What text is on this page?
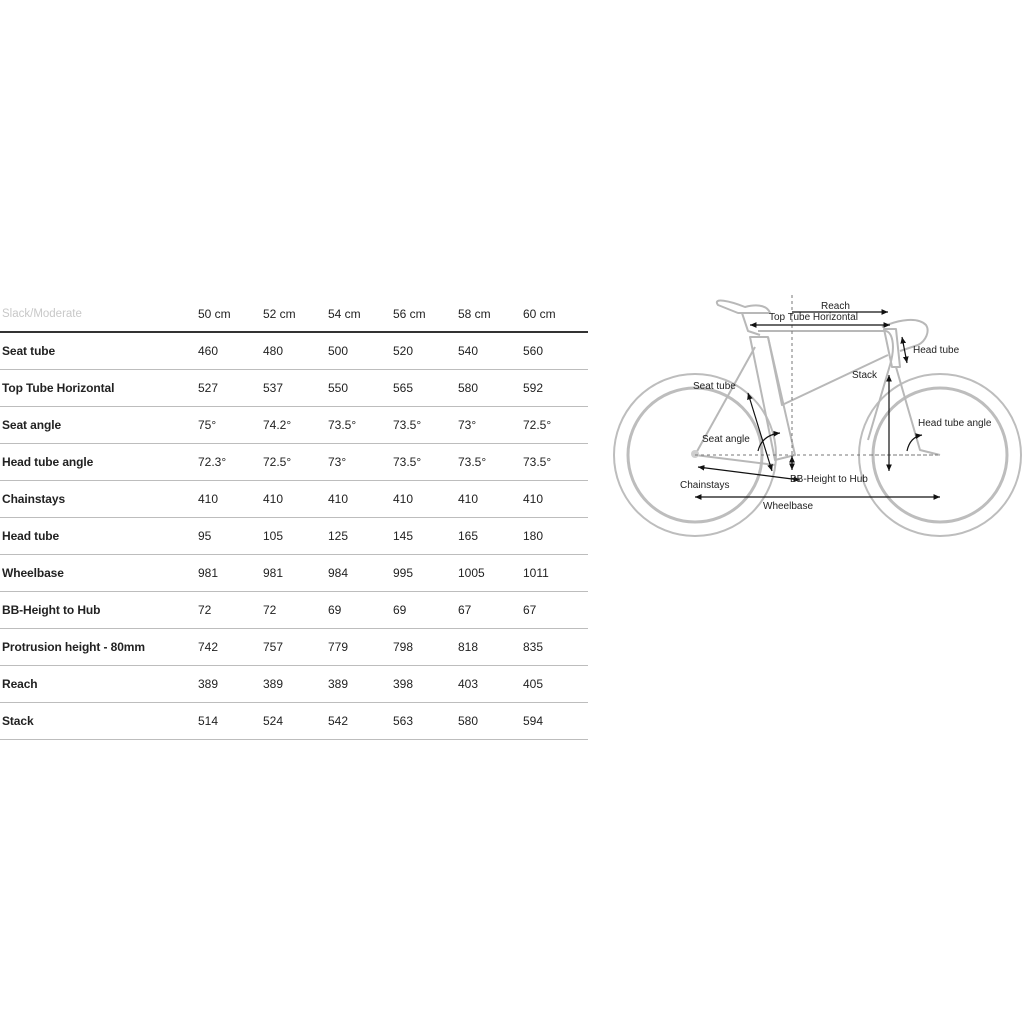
Slack/Moderate	50 cm	52 cm	54 cm	56 cm	58 cm	60 cm
Seat tube	460	480	500	520	540	560
Top Tube Horizontal	527	537	550	565	580	592
Seat angle	75°	74.2°	73.5°	73.5°	73°	72.5°
Head tube angle	72.3°	72.5°	73°	73.5°	73.5°	73.5°
Chainstays	410	410	410	410	410	410
Head tube	95	105	125	145	165	180
Wheelbase	981	981	984	995	1005	1011
BB-Height to Hub	72	72	69	69	67	67
Protrusion height - 80mm	742	757	779	798	818	835
Reach	389	389	389	398	403	405
Stack	514	524	542	563	580	594
Reach
Top Tube Horizontal
Head tube
Stack
Seat tube
Head tube angle
Seat angle
BB-Height to Hub
Chainstays
Wheelbase
